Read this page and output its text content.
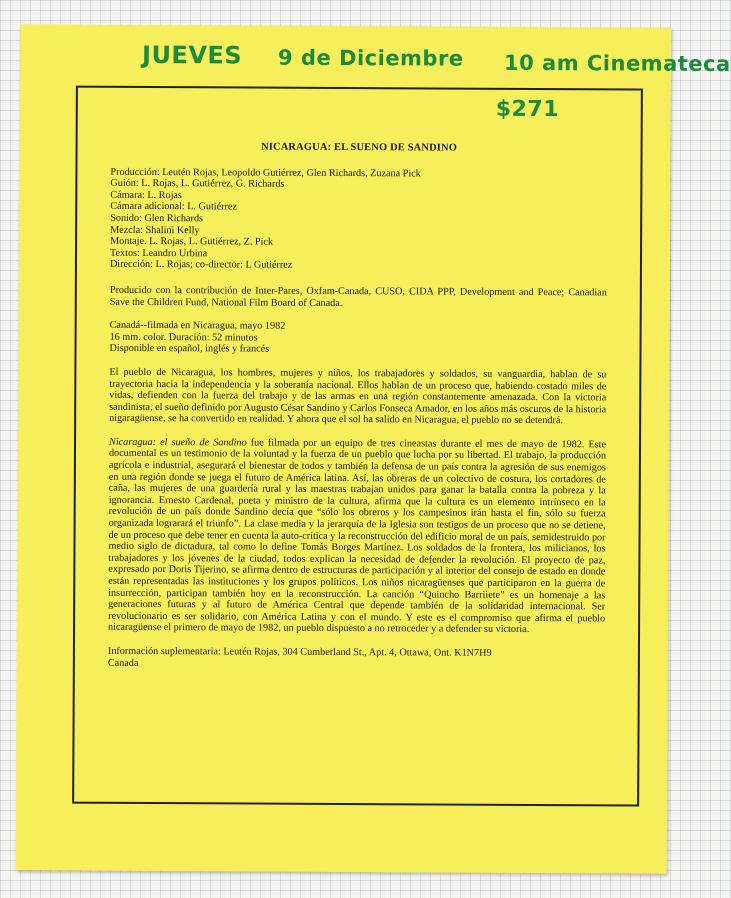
JUEVES 9 de Diciembre 10 am Cinemateca
$271
NICARAGUA: EL SUENO DE SANDINO
Producción: Leutén Rojas, Leopoldo Gutiérrez, Glen Richards, Zuzana Pick
Guión: L. Rojas, L. Gutiérrez, G. Richards
Cámara: L. Rojas
Cámara adicional: L. Gutiérrez
Sonido: Glen Richards
Mezcla: Shalini Kelly
Montaje. L. Rojas, L. Gutiérrez, Z. Pick
Textos: Leandro Urbina
Dirección: L. Rojas; co-director: L Gutiérrez

Producido con la contribución de Inter-Pares, Oxfam-Canada, CUSO, CIDA PPP, Development and Peace; Canadian Save the Children Fund, National Film Board of Canada.

Canadá--filmada en Nicaragua, mayo 1982
16 mm. color. Duración: 52 minutos
Disponible en español, inglés y francés

El pueblo de Nicaragua, los hombres, mujeres y niños, los trabajadores y soldados, su vanguardia, hablan de su trayectoria hacia la independencia y la soberanía nacional. Ellos hablan de un proceso que, habiendo costado miles de vidas, defienden con la fuerza del trabajo y de las armas en una región constantemente amenazada. Con la victoria sandinista, el sueño definido por Augusto César Sandino y Carlos Fonseca Amador, en los años más oscuros de la historia nigaragüense, se ha convertido en realidad. Y ahora que el sol ha salido en Nicaragua, el pueblo no se detendrá.

Nicaragua: el sueño de Sandino fue filmada por un equipo de tres cineastas durante el mes de mayo de 1982. Este documental es un testimonio de la voluntad y la fuerza de un pueblo que lucha por su libertad. El trabajo, la producción agrícola e industrial, asegurará el bienestar de todos y también la defensa de un país contra la agresión de sus enemigos en una región donde se juega el futuro de América latina. Así, las obreras de un colectivo de costura, los cortadores de caña, las mujeres de una guardería rural y las maestras trabajan unidos para ganar la batalla contra la pobreza y la ignorancia. Ernesto Cardenal, poeta y ministro de la cultura, afirma que la cultura es un elemento intrínseco en la revolución de un país donde Sandino decía que “sólo los obreros y los campesinos irán hasta el fin, sólo su fuerza organizada lograrará el triunfo”. La clase media y la jerarquía de la Iglesia son testigos de un proceso que no se detiene, de un proceso que debe tener en cuenta la auto-crítica y la reconstrucción del edificio moral de un país, semidestruido por medio siglo de dictadura, tal como lo define Tomás Borges Martínez. Los soldados de la frontera, los milicianos, los trabajadores y los jóvenes de la ciudad, todos explican la necesidad de defender la revolución. El proyecto de paz, expresado por Doris Tijerino, se afirma dentro de estructuras de participación y al interior del consejo de estado en donde están representadas las instituciones y los grupos políticos. Los niños nicaragüenses que participaron en la guerra de insurrección, participan también hoy en la reconstrucción. La canción “Quincho Barriiete” es un homenaje a las generaciones futuras y al futuro de América Central que depende también de la solidaridad internacional. Ser revolucionario es ser solidario, con América Latina y con el mundo. Y este es el compromiso que afirma el pueblo nicaragüense el primero de mayo de 1982, un pueblo dispuesto a no retroceder y a defender su victoria.

Información suplementaria: Leutén Rojas, 304 Cumberland St., Apt. 4, Ottawa, Ont. K1N7H9
Canada
